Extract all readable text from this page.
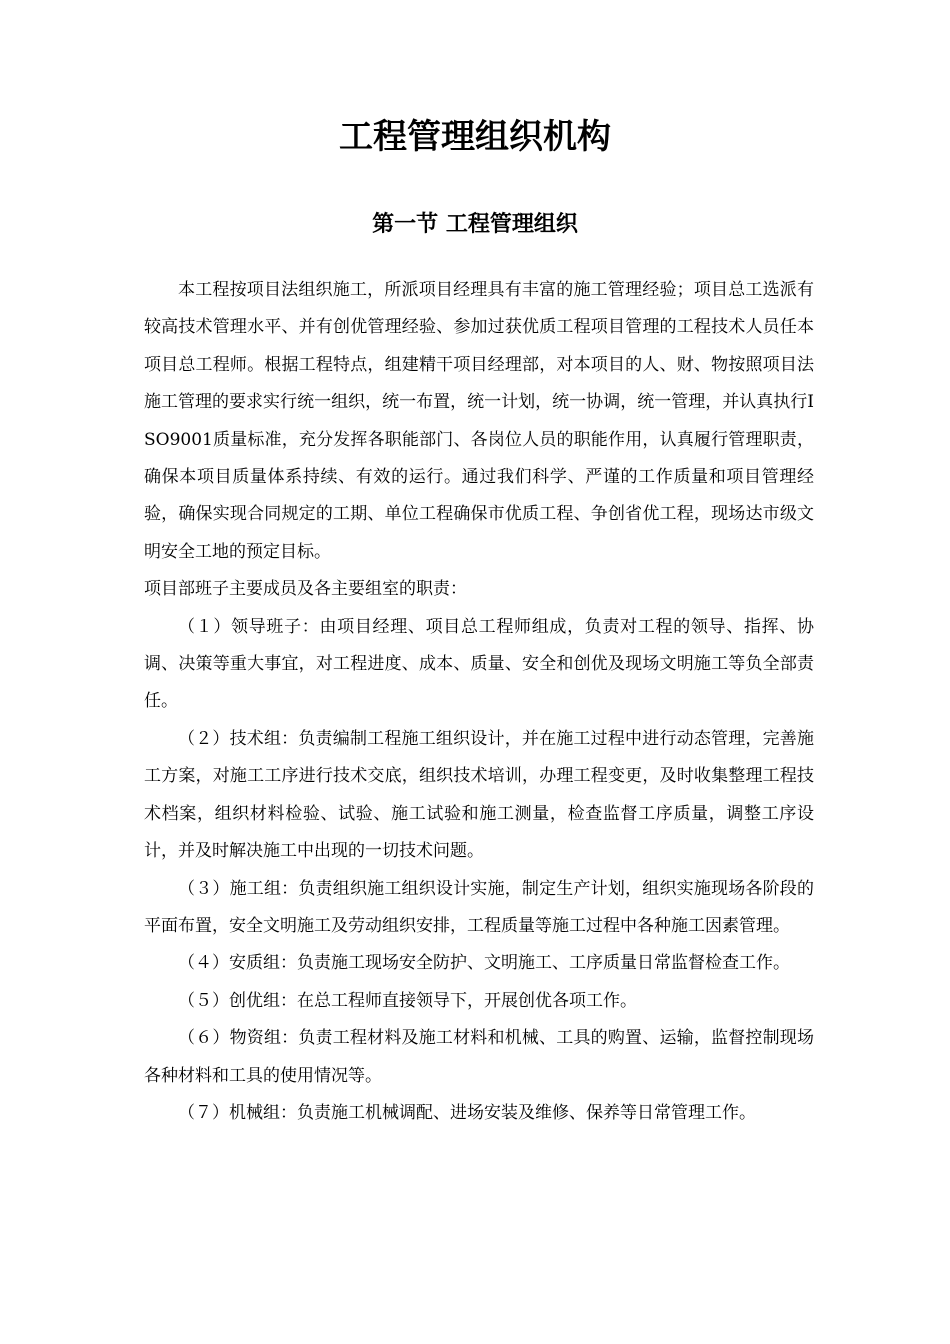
工程管理组织机构
第一节 工程管理组织

本工程按项目法组织施工，所派项目经理具有丰富的施工管理经验；项目总工选派有较高技术管理水平、并有创优管理经验、参加过获优质工程项目管理的工程技术人员任本项目总工程师。根据工程特点，组建精干项目经理部，对本项目的人、财、物按照项目法施工管理的要求实行统一组织，统一布置，统一计划，统一协调，统一管理，并认真执行ISO9001质量标准，充分发挥各职能部门、各岗位人员的职能作用，认真履行管理职责，确保本项目质量体系持续、有效的运行。通过我们科学、严谨的工作质量和项目管理经验，确保实现合同规定的工期、单位工程确保市优质工程、争创省优工程，现场达市级文明安全工地的预定目标。

项目部班子主要成员及各主要组室的职责：

（１）领导班子：由项目经理、项目总工程师组成，负责对工程的领导、指挥、协调、决策等重大事宜，对工程进度、成本、质量、安全和创优及现场文明施工等负全部责任。

（２）技术组：负责编制工程施工组织设计，并在施工过程中进行动态管理，完善施工方案，对施工工序进行技术交底，组织技术培训，办理工程变更，及时收集整理工程技术档案，组织材料检验、试验、施工试验和施工测量，检查监督工序质量，调整工序设计，并及时解决施工中出现的一切技术问题。

（３）施工组：负责组织施工组织设计实施，制定生产计划，组织实施现场各阶段的平面布置，安全文明施工及劳动组织安排，工程质量等施工过程中各种施工因素管理。

（４）安质组：负责施工现场安全防护、文明施工、工序质量日常监督检查工作。

（５）创优组：在总工程师直接领导下，开展创优各项工作。

（６）物资组：负责工程材料及施工材料和机械、工具的购置、运输，监督控制现场各种材料和工具的使用情况等。

（７）机械组：负责施工机械调配、进场安装及维修、保养等日常管理工作。
